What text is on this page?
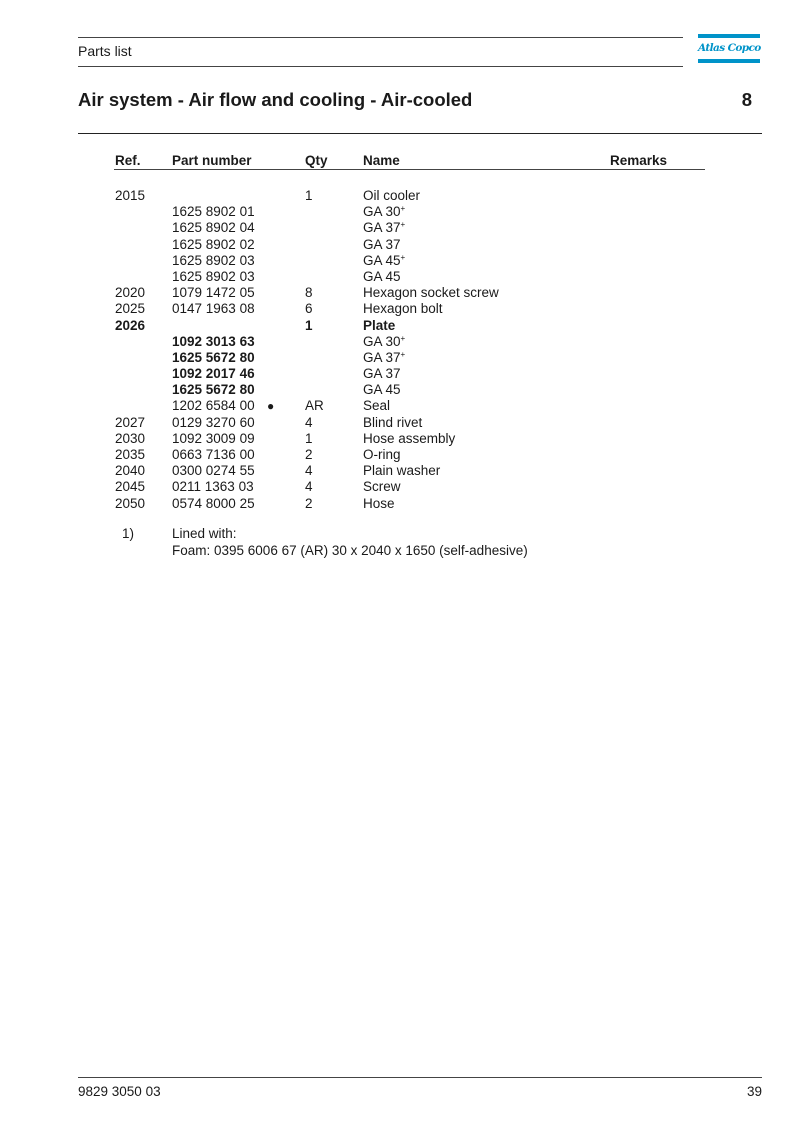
Parts list	Atlas Copco
Air system - Air flow and cooling - Air-cooled	8
Ref. Part number	Qty	Name	Remarks
2015	1	Oil cooler
1625 8902 01	GA 30+
1625 8902 04	GA 37+
1625 8902 02	GA 37
1625 8902 03	GA 45+
1625 8902 03	GA 45
2020 1079 1472 05	8	Hexagon socket screw
2025 0147 1963 08	6	Hexagon bolt
2026	1	Plate
1092 3013 63	GA 30+
1625 5672 80	GA 37+
1092 2017 46	GA 37
1625 5672 80	GA 45
1202 6584 00 ● AR	Seal
2027 0129 3270 60	4	Blind rivet
2030 1092 3009 09	1	Hose assembly
2035 0663 7136 00	2	O-ring
2040 0300 0274 55	4	Plain washer
2045 0211 1363 03	4	Screw
2050 0574 8000 25	2	Hose
1)	Lined with:
Foam: 0395 6006 67 (AR) 30 x 2040 x 1650 (self-adhesive)
9829 3050 03	39
